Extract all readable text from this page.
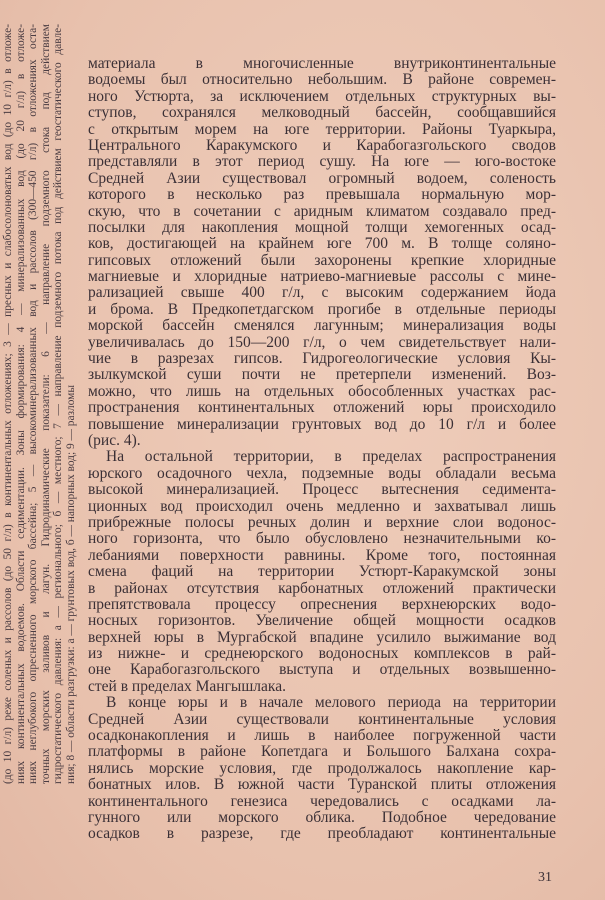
(до 10 г/л) реже соленых и рассолов (до 50 г/л) в континентальных отложениях; 3 — пресных и слабосолоноватых вод (до 10 г/л) в отложе- ниях континентальных водоемов. Области седиментации. Зоны формирования: 4 — минерализованных вод (до 20 г/л) в отложе- ниях неглубокого опресненного морского бассейна; 5 — высокоминерализованных вод и рассолов (300—450 г/л) в отложениях оста- точных морских заливов и лагун. Гидродинамические показатели: 6 — направление подземного стока под действием гидростатического давления: а — регионального; б — местного; 7 — направление подземного потока под действием геостатического давле- ния; 8 — области разгрузки: а — грунтовых вод, б — напорных вод; 9 — разломы
материала в многочисленные внутриконтинентальные
водоемы был относительно небольшим. В районе современ-
ного Устюрта, за исключением отдельных структурных вы-
ступов, сохранялся мелководный бассейн, сообщавшийся
с открытым морем на юге территории. Районы Туаркыра,
Центрального Каракумского и Карабогазгольского сводов
представляли в этот период сушу. На юге — юго-востоке
Средней Азии существовал огромный водоем, соленость
которого в несколько раз превышала нормальную мор-
скую, что в сочетании с аридным климатом создавало пред-
посылки для накопления мощной толщи хемогенных осад-
ков, достигающей на крайнем юге 700 м. В толще соляно-
гипсовых отложений были захоронены крепкие хлоридные
магниевые и хлоридные натриево-магниевые рассолы с мине-
рализацией свыше 400 г/л, с высоким содержанием йода
и брома. В Предкопетдагском прогибе в отдельные периоды
морской бассейн сменялся лагунным; минерализация воды
увеличивалась до 150—200 г/л, о чем свидетельствует нали-
чие в разрезах гипсов. Гидрогеологические условия Кы-
зылкумской суши почти не претерпели изменений. Воз-
можно, что лишь на отдельных обособленных участках рас-
пространения континентальных отложений юры происходило
повышение минерализации грунтовых вод до 10 г/л и более
(рис. 4).
На остальной территории, в пределах распространения
юрского осадочного чехла, подземные воды обладали весьма
высокой минерализацией. Процесс вытеснения седимента-
ционных вод происходил очень медленно и захватывал лишь
прибрежные полосы речных долин и верхние слои водонос-
ного горизонта, что было обусловлено незначительными ко-
лебаниями поверхности равнины. Кроме того, постоянная
смена фаций на территории Устюрт-Каракумской зоны
в районах отсутствия карбонатных отложений практически
препятствовала процессу опреснения верхнеюрских водо-
носных горизонтов. Увеличение общей мощности осадков
верхней юры в Мургабской впадине усилило выжимание вод
из нижне- и среднеюрского водоносных комплексов в рай-
оне Карабогазгольского выступа и отдельных возвышенно-
стей в пределах Мангышлака.
В конце юры и в начале мелового периода на территории
Средней Азии существовали континентальные условия
осадконакопления и лишь в наиболее погруженной части
платформы в районе Копетдага и Большого Балхана сохра-
нялись морские условия, где продолжалось накопление кар-
бонатных илов. В южной части Туранской плиты отложения
континентального генезиса чередовались с осадками ла-
гунного или морского облика. Подобное чередование
осадков в разрезе, где преобладают континентальные
31
